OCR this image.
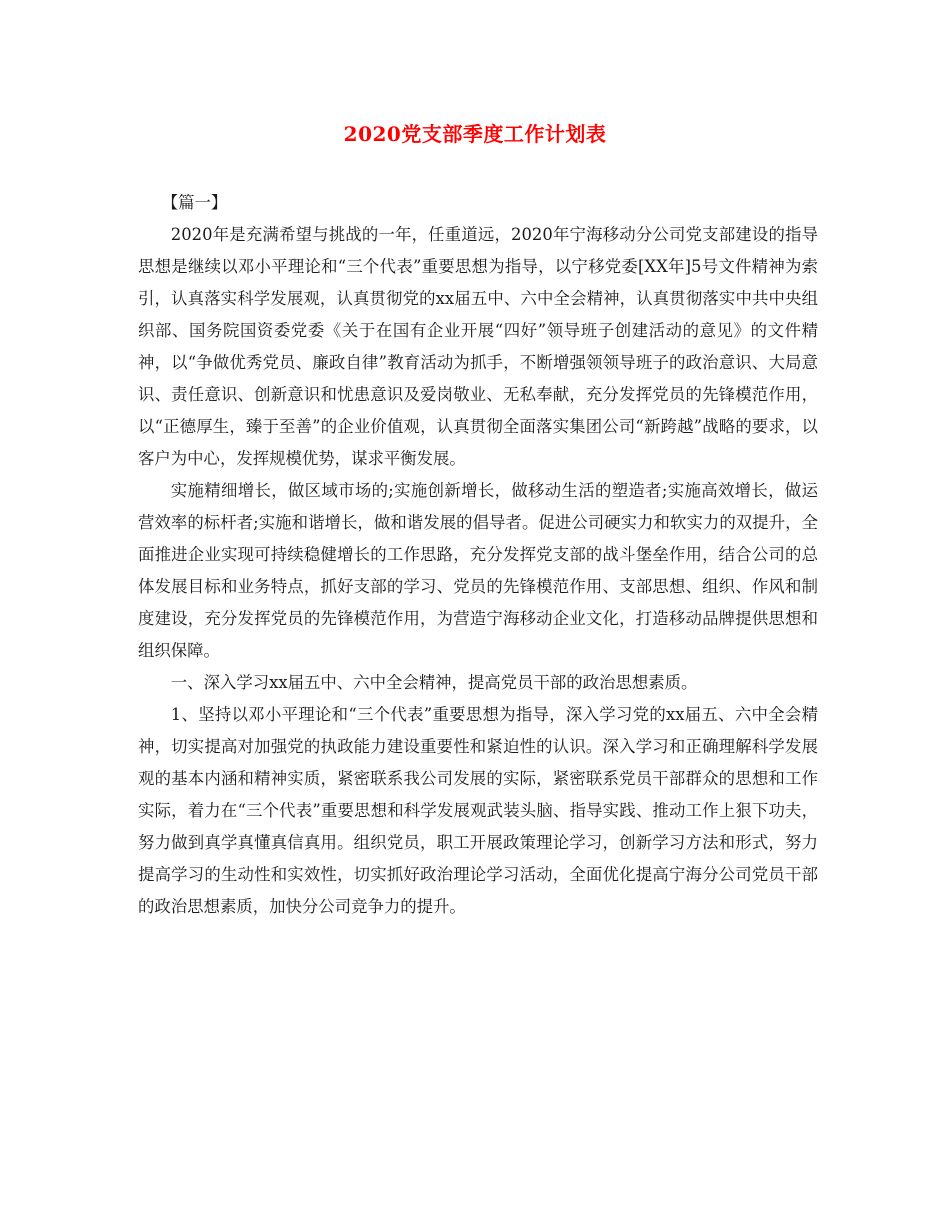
2020党支部季度工作计划表

【篇一】

2020年是充满希望与挑战的一年，任重道远，2020年宁海移动分公司党支部建设的指导思想是继续以邓小平理论和“三个代表”重要思想为指导，以宁移党委[XX年]5号文件精神为索引，认真落实科学发展观，认真贯彻党的xx届五中、六中全会精神，认真贯彻落实中共中央组织部、国务院国资委党委《关于在国有企业开展“四好”领导班子创建活动的意见》的文件精神，以“争做优秀党员、廉政自律”教育活动为抓手，不断增强领领导班子的政治意识、大局意识、责任意识、创新意识和忧患意识及爱岗敬业、无私奉献，充分发挥党员的先锋模范作用，以“正德厚生，臻于至善”的企业价值观，认真贯彻全面落实集团公司“新跨越”战略的要求，以客户为中心，发挥规模优势，谋求平衡发展。

实施精细增长，做区域市场的;实施创新增长，做移动生活的塑造者;实施高效增长，做运营效率的标杆者;实施和谐增长，做和谐发展的倡导者。促进公司硬实力和软实力的双提升，全面推进企业实现可持续稳健增长的工作思路，充分发挥党支部的战斗堡垒作用，结合公司的总体发展目标和业务特点，抓好支部的学习、党员的先锋模范作用、支部思想、组织、作风和制度建设，充分发挥党员的先锋模范作用，为营造宁海移动企业文化，打造移动品牌提供思想和组织保障。

一、深入学习xx届五中、六中全会精神，提高党员干部的政治思想素质。

1、坚持以邓小平理论和“三个代表”重要思想为指导，深入学习党的xx届五、六中全会精神，切实提高对加强党的执政能力建设重要性和紧迫性的认识。深入学习和正确理解科学发展观的基本内涵和精神实质，紧密联系我公司发展的实际，紧密联系党员干部群众的思想和工作实际，着力在“三个代表”重要思想和科学发展观武装头脑、指导实践、推动工作上狠下功夫，努力做到真学真懂真信真用。组织党员，职工开展政策理论学习，创新学习方法和形式，努力提高学习的生动性和实效性，切实抓好政治理论学习活动，全面优化提高宁海分公司党员干部的政治思想素质，加快分公司竞争力的提升。
